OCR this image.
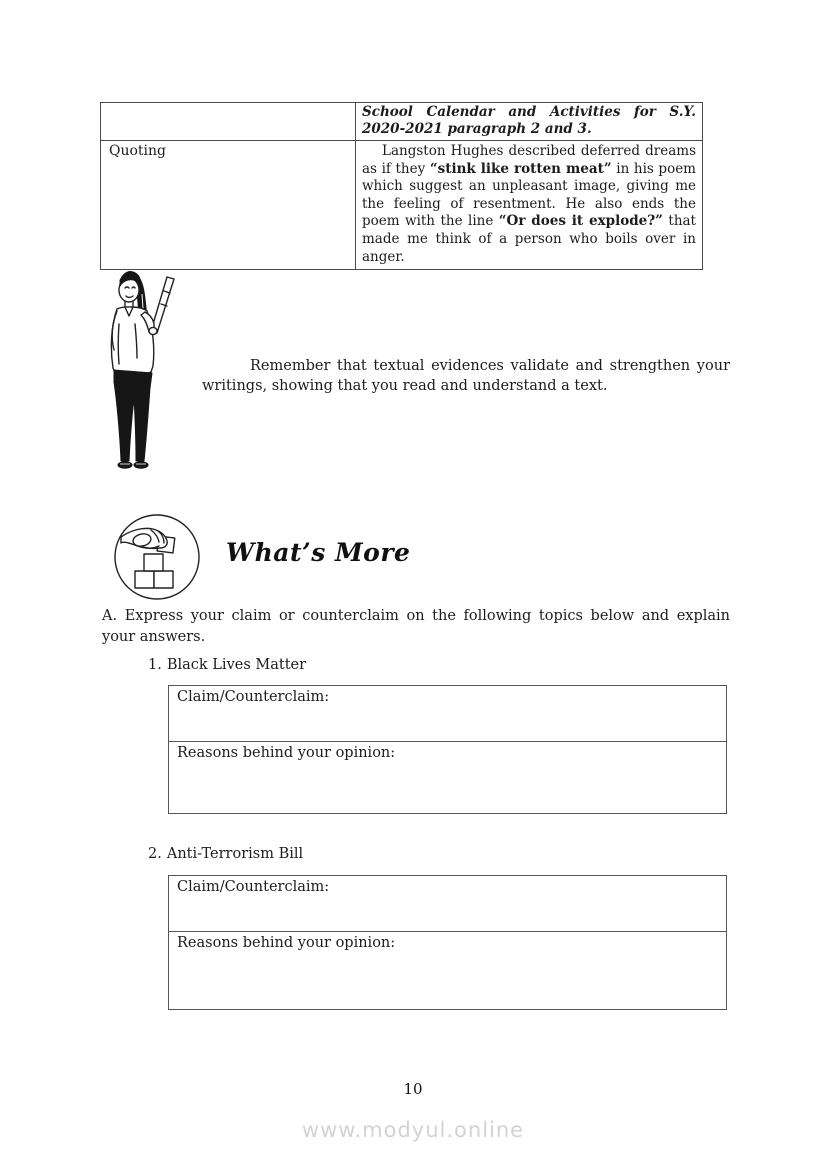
	School Calendar and Activities for S.Y. 2020-2021 paragraph 2 and 3.
Quoting	Langston Hughes described deferred dreams as if they “stink like rotten meat” in his poem which suggest an unpleasant image, giving me the feeling of resentment. He also ends the poem with the line “Or does it explode?” that made me think of a person who boils over in anger.

Remember that textual evidences validate and strengthen your writings, showing that you read and understand a text.

What’s More

A. Express your claim or counterclaim on the following topics below and explain your answers.

1. Black Lives Matter
Claim/Counterclaim:
Reasons behind your opinion:
2. Anti-Terrorism Bill
Claim/Counterclaim:
Reasons behind your opinion:
10
www.modyul.online
